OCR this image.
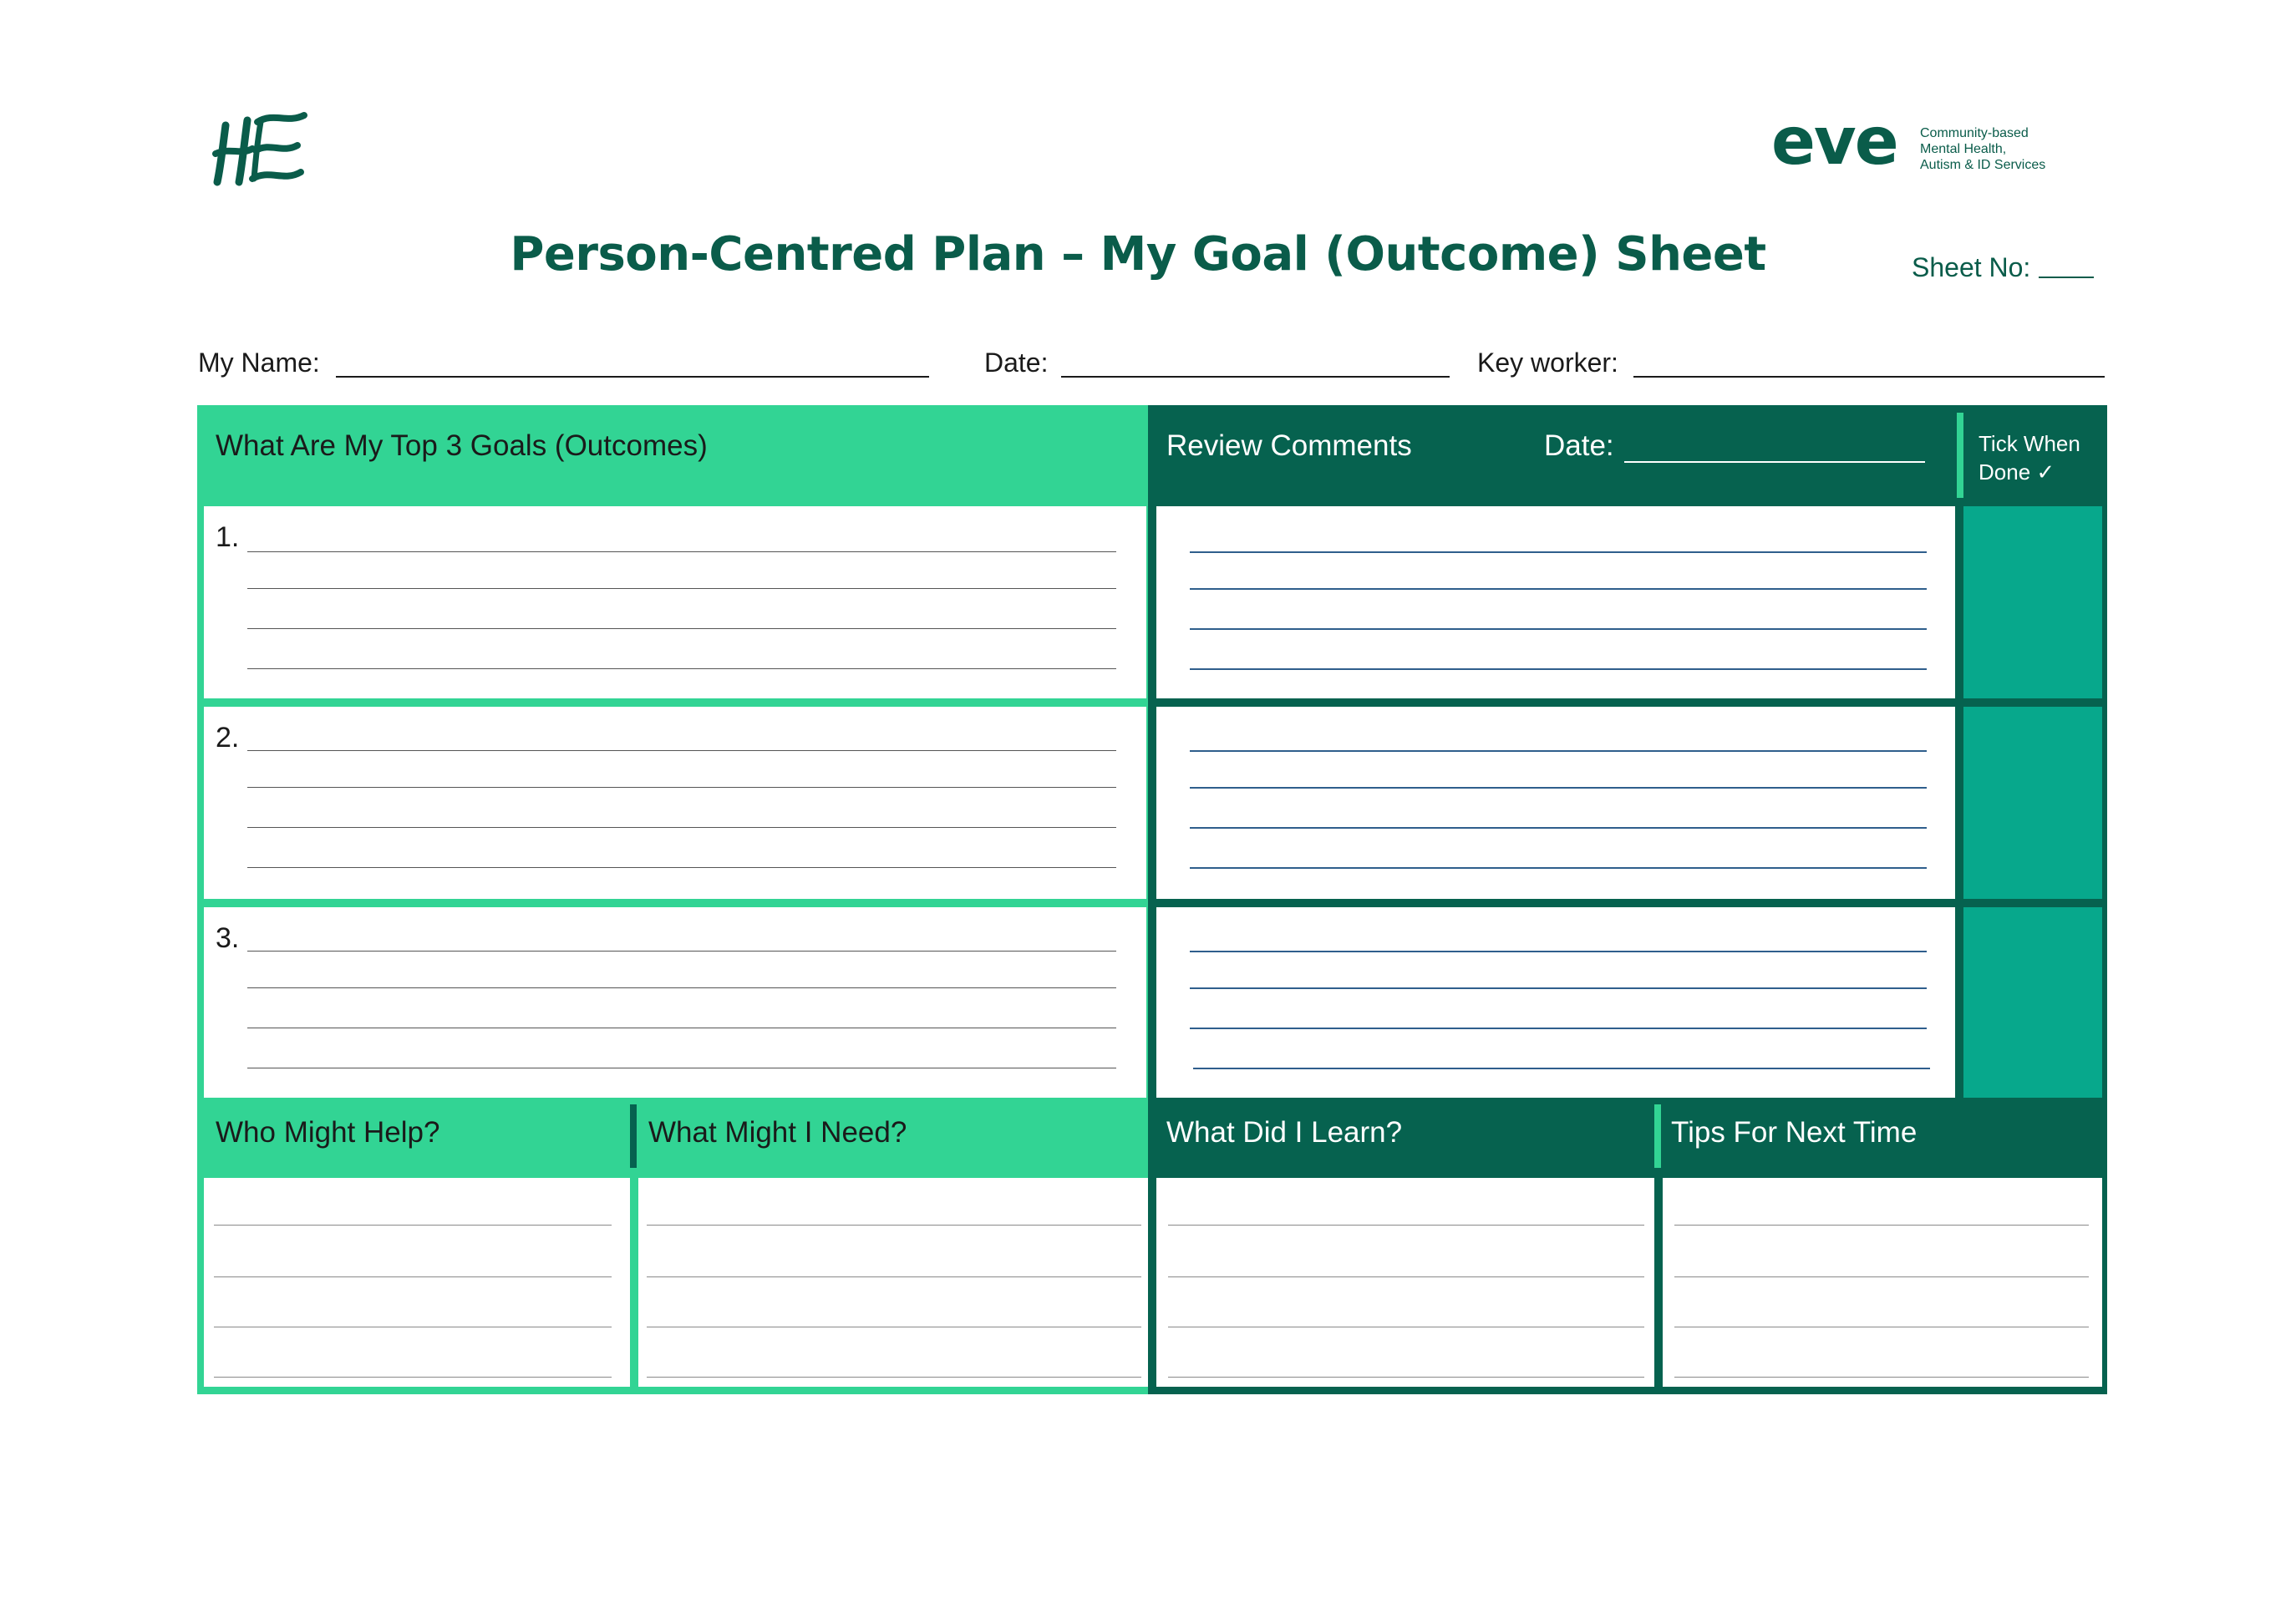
eve Community-based
Mental Health,
Autism & ID Services
Person-Centred Plan – My Goal (Outcome) Sheet	Sheet No:
My Name:	Date:	Key worker:
What Are My Top 3 Goals (Outcomes)	Review Comments	Date:	Tick When
Done ✓
1.
2.
3.
Who Might Help?	What Might I Need?	What Did I Learn?	Tips For Next Time
